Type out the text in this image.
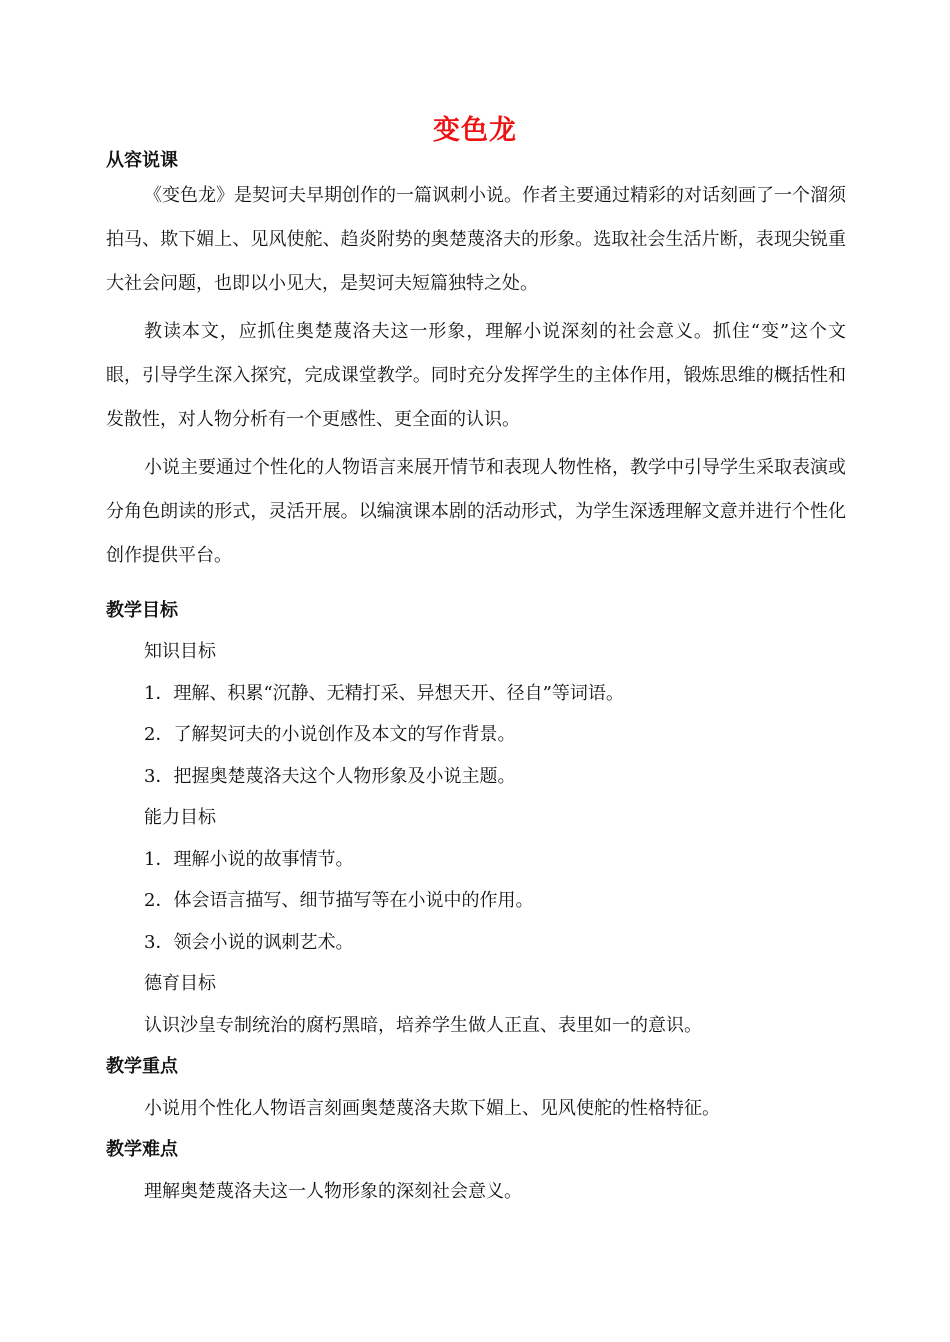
变色龙
从容说课
《变色龙》是契诃夫早期创作的一篇讽刺小说。作者主要通过精彩的对话刻画了一个溜须拍马、欺下媚上、见风使舵、趋炎附势的奥楚蔑洛夫的形象。选取社会生活片断，表现尖锐重大社会问题，也即以小见大，是契诃夫短篇独特之处。
教读本文，应抓住奥楚蔑洛夫这一形象，理解小说深刻的社会意义。抓住“变”这个文眼，引导学生深入探究，完成课堂教学。同时充分发挥学生的主体作用，锻炼思维的概括性和发散性，对人物分析有一个更感性、更全面的认识。
小说主要通过个性化的人物语言来展开情节和表现人物性格，教学中引导学生采取表演或分角色朗读的形式，灵活开展。以编演课本剧的活动形式，为学生深透理解文意并进行个性化创作提供平台。
教学目标
知识目标
1．理解、积累“沉静、无精打采、异想天开、径自”等词语。
2．了解契诃夫的小说创作及本文的写作背景。
3．把握奥楚蔑洛夫这个人物形象及小说主题。
能力目标
1．理解小说的故事情节。
2．体会语言描写、细节描写等在小说中的作用。
3．领会小说的讽刺艺术。
德育目标
认识沙皇专制统治的腐朽黑暗，培养学生做人正直、表里如一的意识。
教学重点
小说用个性化人物语言刻画奥楚蔑洛夫欺下媚上、见风使舵的性格特征。
教学难点
理解奥楚蔑洛夫这一人物形象的深刻社会意义。
